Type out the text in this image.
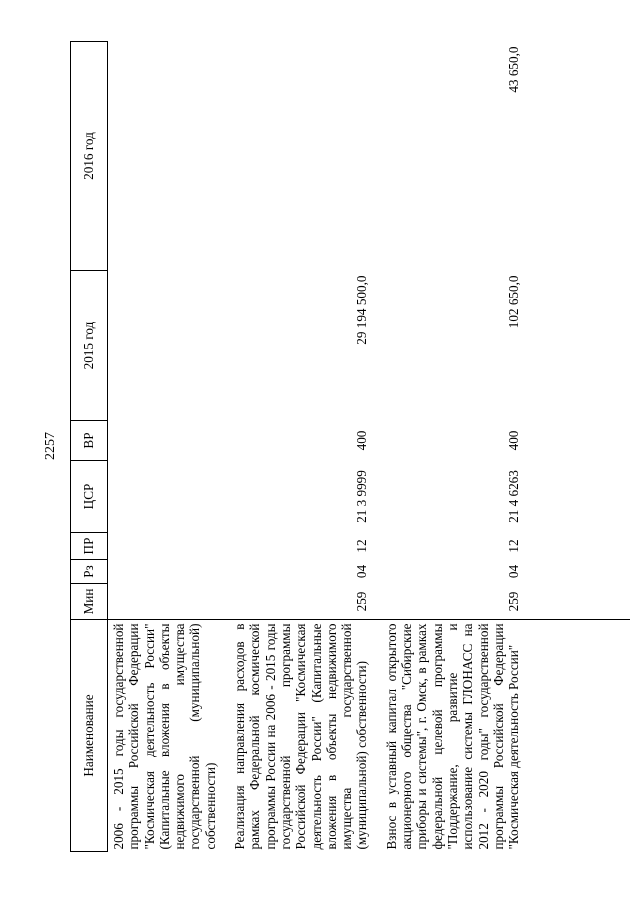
2257
Наименование	Мин	Рз	ПР	ЦСР	ВР	2015 год	2016 год
2006 - 2015 годы государственной программы Российской Федерации "Космическая деятельность России" (Капитальные вложения в объекты недвижимого имущества государственной (муниципальной) собственности)							
Реализация направления расходов в рамках Федеральной космической программы России на 2006 - 2015 годы государственной программы Российской Федерации "Космическая деятельность России" (Капитальные вложения в объекты недвижимого имущества государственной (муниципальной) собственности)	259	04	12	21 3 9999	400	29 194 500,0	
Взнос в уставный капитал открытого акционерного общества "Сибирские приборы и системы", г. Омск, в рамках федеральной целевой программы "Поддержание, развитие и использование системы ГЛОНАСС на 2012 - 2020 годы" государственной программы Российской Федерации "Космическая деятельность России"	259	04	12	21 4 6263	400	102 650,0	43 650,0
